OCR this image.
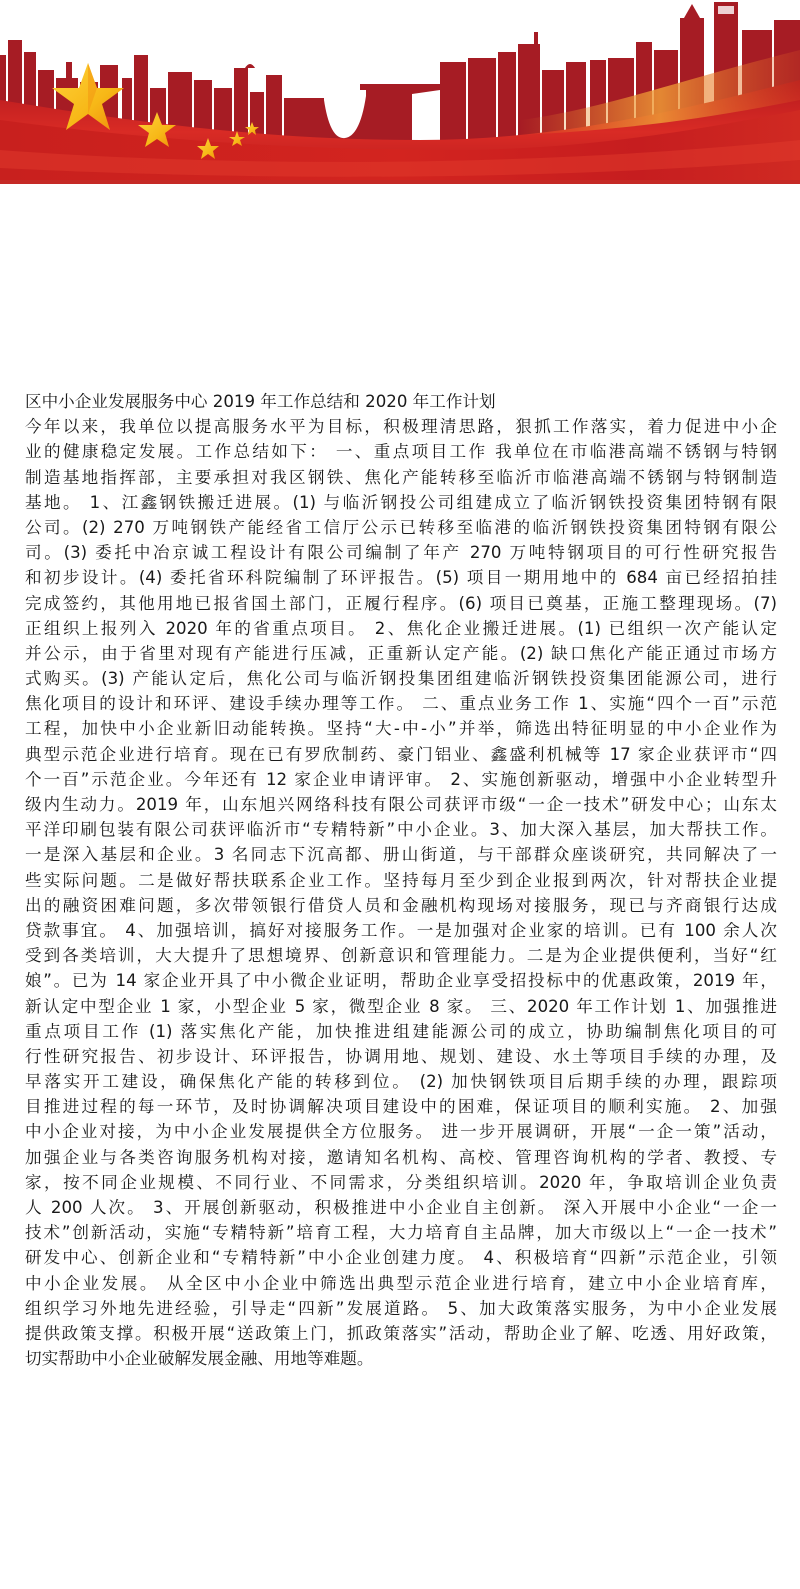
区中小企业发展服务中心 2019 年工作总结和 2020 年工作计划
今年以来，我单位以提高服务水平为目标，积极理清思路，狠抓工作落实，着力促进中小企
业的健康稳定发展。工作总结如下： 一、重点项目工作 我单位在市临港高端不锈钢与特钢
制造基地指挥部，主要承担对我区钢铁、焦化产能转移至临沂市临港高端不锈钢与特钢制造
基地。 1、江鑫钢铁搬迁进展。(1) 与临沂钢投公司组建成立了临沂钢铁投资集团特钢有限
公司。(2) 270 万吨钢铁产能经省工信厅公示已转移至临港的临沂钢铁投资集团特钢有限公
司。(3) 委托中冶京诚工程设计有限公司编制了年产 270 万吨特钢项目的可行性研究报告
和初步设计。(4) 委托省环科院编制了环评报告。(5) 项目一期用地中的 684 亩已经招拍挂
完成签约，其他用地已报省国土部门，正履行程序。(6) 项目已奠基，正施工整理现场。(7)
正组织上报列入 2020 年的省重点项目。 2、焦化企业搬迁进展。(1) 已组织一次产能认定
并公示，由于省里对现有产能进行压减，正重新认定产能。(2) 缺口焦化产能正通过市场方
式购买。(3) 产能认定后，焦化公司与临沂钢投集团组建临沂钢铁投资集团能源公司，进行
焦化项目的设计和环评、建设手续办理等工作。 二、重点业务工作 1、实施“四个一百”示范
工程，加快中小企业新旧动能转换。坚持“大-中-小”并举，筛选出特征明显的中小企业作为
典型示范企业进行培育。现在已有罗欣制药、豪门铝业、鑫盛利机械等 17 家企业获评市“四
个一百”示范企业。今年还有 12 家企业申请评审。 2、实施创新驱动，增强中小企业转型升
级内生动力。2019 年，山东旭兴网络科技有限公司获评市级“一企一技术”研发中心；山东太
平洋印刷包装有限公司获评临沂市“专精特新”中小企业。3、加大深入基层，加大帮扶工作。
一是深入基层和企业。3 名同志下沉高都、册山街道，与干部群众座谈研究，共同解决了一
些实际问题。二是做好帮扶联系企业工作。坚持每月至少到企业报到两次，针对帮扶企业提
出的融资困难问题，多次带领银行借贷人员和金融机构现场对接服务，现已与齐商银行达成
贷款事宜。 4、加强培训，搞好对接服务工作。一是加强对企业家的培训。已有 100 余人次
受到各类培训，大大提升了思想境界、创新意识和管理能力。二是为企业提供便利，当好“红
娘”。已为 14 家企业开具了中小微企业证明，帮助企业享受招投标中的优惠政策，2019 年，
新认定中型企业 1 家，小型企业 5 家，微型企业 8 家。 三、2020 年工作计划 1、加强推进
重点项目工作 (1) 落实焦化产能，加快推进组建能源公司的成立，协助编制焦化项目的可
行性研究报告、初步设计、环评报告，协调用地、规划、建设、水土等项目手续的办理，及
早落实开工建设，确保焦化产能的转移到位。 (2) 加快钢铁项目后期手续的办理，跟踪项
目推进过程的每一环节，及时协调解决项目建设中的困难，保证项目的顺利实施。 2、加强
中小企业对接，为中小企业发展提供全方位服务。 进一步开展调研，开展“一企一策”活动，
加强企业与各类咨询服务机构对接，邀请知名机构、高校、管理咨询机构的学者、教授、专
家，按不同企业规模、不同行业、不同需求，分类组织培训。2020 年，争取培训企业负责
人 200 人次。 3、开展创新驱动，积极推进中小企业自主创新。 深入开展中小企业“一企一
技术”创新活动，实施“专精特新”培育工程，大力培育自主品牌，加大市级以上“一企一技术”
研发中心、创新企业和“专精特新”中小企业创建力度。 4、积极培育“四新”示范企业，引领
中小企业发展。 从全区中小企业中筛选出典型示范企业进行培育，建立中小企业培育库，
组织学习外地先进经验，引导走“四新”发展道路。 5、加大政策落实服务，为中小企业发展
提供政策支撑。积极开展“送政策上门，抓政策落实”活动，帮助企业了解、吃透、用好政策，
切实帮助中小企业破解发展金融、用地等难题。
